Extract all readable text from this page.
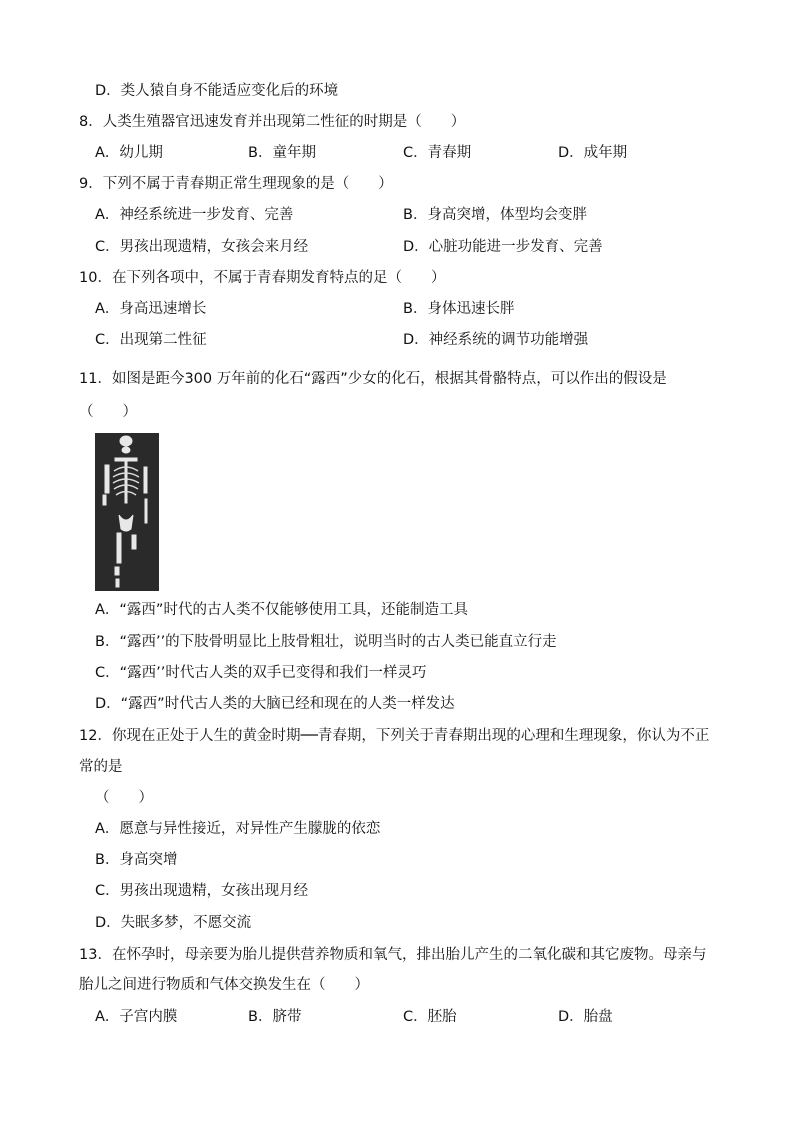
D．类人猿自身不能适应变化后的环境
8．人类生殖器官迅速发育并出现第二性征的时期是（　　）
A．幼儿期	B．童年期	C．青春期	D．成年期
9．下列不属于青春期正常生理现象的是（　　）
A．神经系统进一步发育、完善	B．身高突增，体型均会变胖
C．男孩出现遗精，女孩会来月经	D．心脏功能进一步发育、完善
10．在下列各项中，不属于青春期发育特点的足（　　）
A．身高迅速增长	B．身体迅速长胖
C．出现第二性征	D．神经系统的调节功能增强
11．如图是距今300 万年前的化石“露西”少女的化石，根据其骨骼特点，可以作出的假设是
（　　）
A．“露西”时代的古人类不仅能够使用工具，还能制造工具
B．“露西’’的下肢骨明显比上肢骨粗壮，说明当时的古人类已能直立行走
C．“露西’’时代古人类的双手已变得和我们一样灵巧
D．“露西”时代古人类的大脑已经和现在的人类一样发达
12．你现在正处于人生的黄金时期──青春期，下列关于青春期出现的心理和生理现象，你认为不正
常的是
（　　）
A．愿意与异性接近，对异性产生朦胧的依恋
B．身高突增
C．男孩出现遗精，女孩出现月经
D．失眠多梦，不愿交流
13．在怀孕时，母亲要为胎儿提供营养物质和氧气，排出胎儿产生的二氧化碳和其它废物。母亲与
胎儿之间进行物质和气体交换发生在（　　）
A．子宫内膜	B．脐带	C．胚胎	D．胎盘
